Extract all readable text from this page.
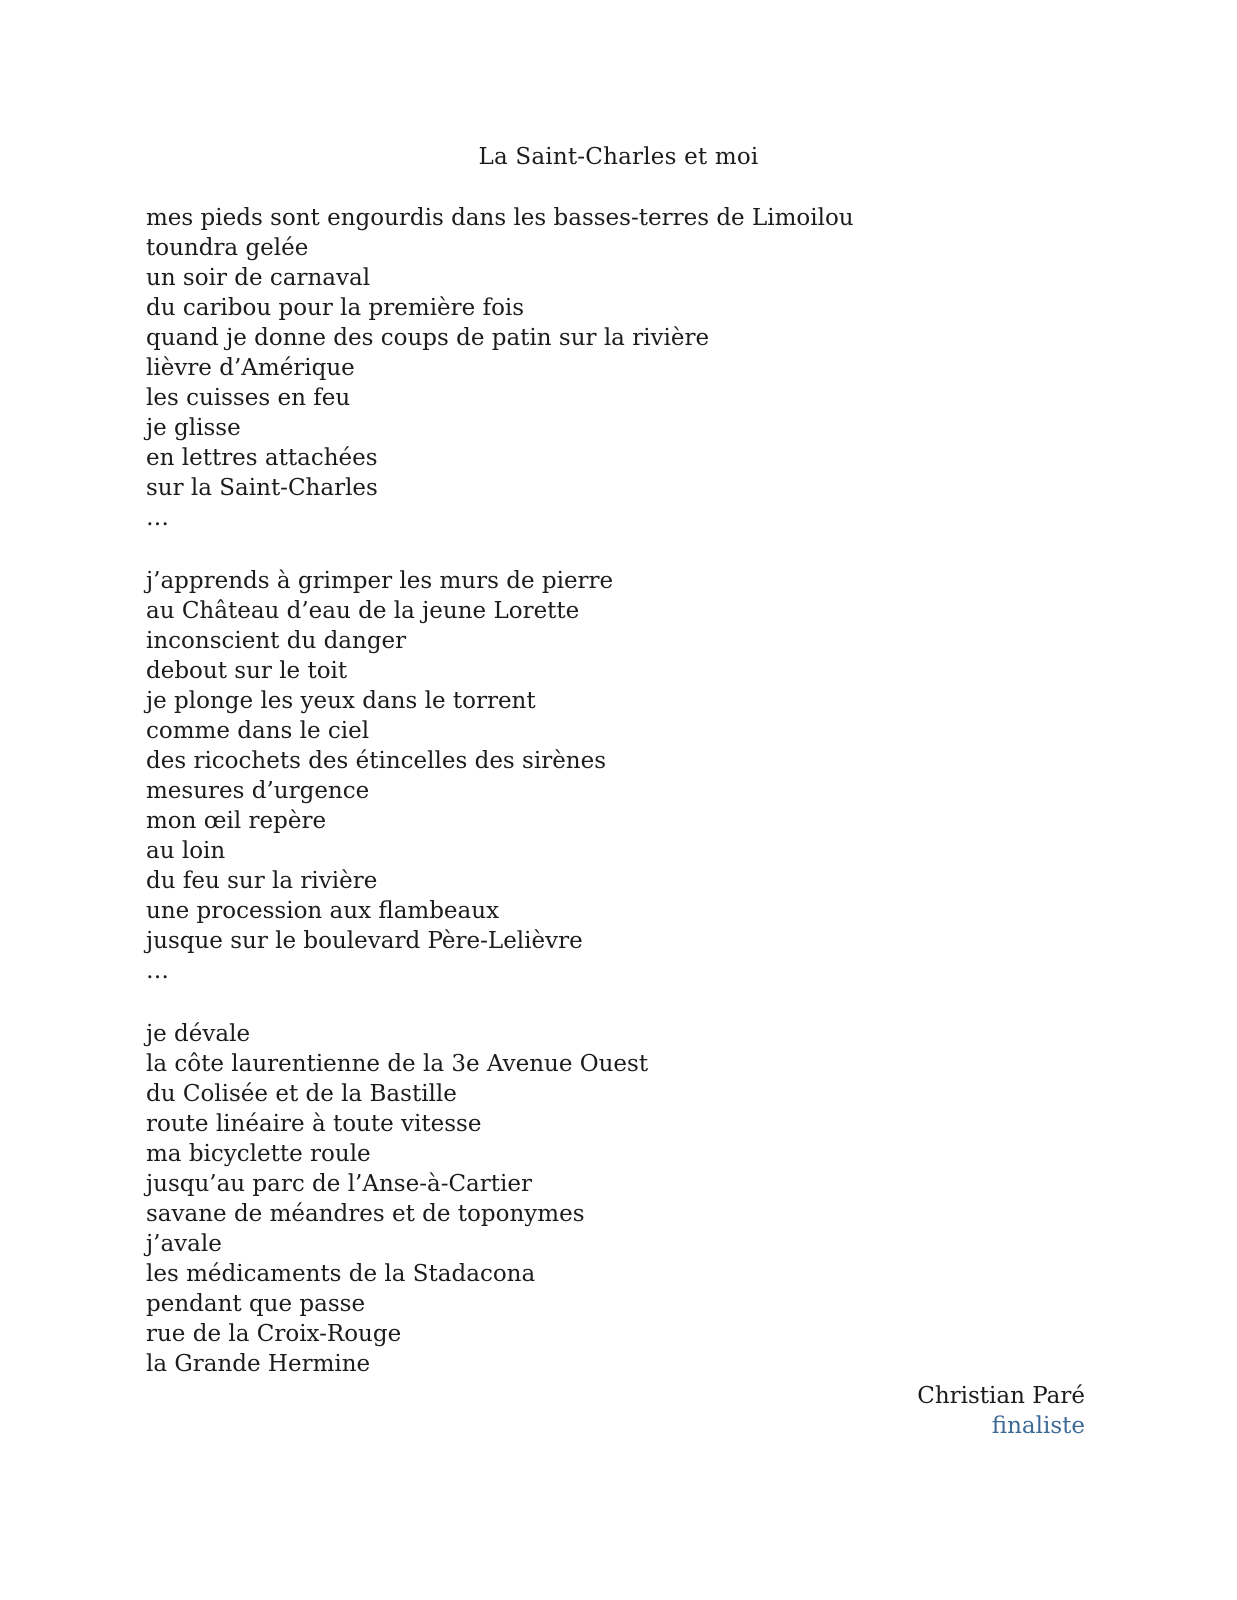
La Saint-Charles et moi
mes pieds sont engourdis dans les basses-terres de Limoilou
toundra gelée
un soir de carnaval
du caribou pour la première fois
quand je donne des coups de patin sur la rivière
lièvre d’Amérique
les cuisses en feu
je glisse
en lettres attachées
sur la Saint-Charles
…
j’apprends à grimper les murs de pierre
au Château d’eau de la jeune Lorette
inconscient du danger
debout sur le toit
je plonge les yeux dans le torrent
comme dans le ciel
des ricochets des étincelles des sirènes
mesures d’urgence
mon œil repère
au loin
du feu sur la rivière
une procession aux flambeaux
jusque sur le boulevard Père-Lelièvre
…
je dévale
la côte laurentienne de la 3e Avenue Ouest
du Colisée et de la Bastille
route linéaire à toute vitesse
ma bicyclette roule
jusqu’au parc de l’Anse-à-Cartier
savane de méandres et de toponymes
j’avale
les médicaments de la Stadacona
pendant que passe
rue de la Croix-Rouge
la Grande Hermine
Christian Paré
finaliste
